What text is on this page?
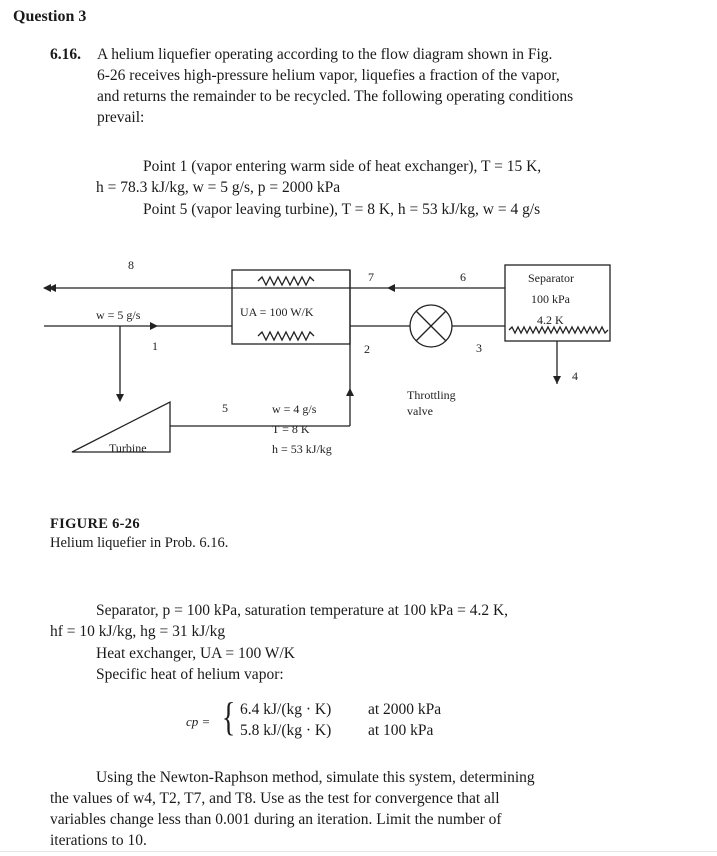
Question 3
6.16. A helium liquefier operating according to the flow diagram shown in Fig.
6-26 receives high-pressure helium vapor, liquefies a fraction of the vapor,
and returns the remainder to be recycled. The following operating conditions
prevail:
Point 1 (vapor entering warm side of heat exchanger), T = 15 K,
h = 78.3 kJ/kg, w = 5 g/s, p = 2000 kPa
Point 5 (vapor leaving turbine), T = 8 K, h = 53 kJ/kg, w = 4 g/s
8
7	6
1	2	3
4
5
w = 5 g/s	UA = 100 W/K
Separator
100 kPa
4.2 K
Throttling
valve
Turbine
w = 4 g/s
T = 8 K
h = 53 kJ/kg
FIGURE 6-26
Helium liquefier in Prob. 6.16.
Separator, p = 100 kPa, saturation temperature at 100 kPa = 4.2 K,
hf = 10 kJ/kg, hg = 31 kJ/kg
Heat exchanger, UA = 100 W/K
Specific heat of helium vapor:
cp = { 6.4 kJ/(kg · K) at 2000 kPa
5.8 kJ/(kg · K) at 100 kPa
Using the Newton-Raphson method, simulate this system, determining
the values of w4, T2, T7, and T8. Use as the test for convergence that all
variables change less than 0.001 during an iteration. Limit the number of
iterations to 10.
